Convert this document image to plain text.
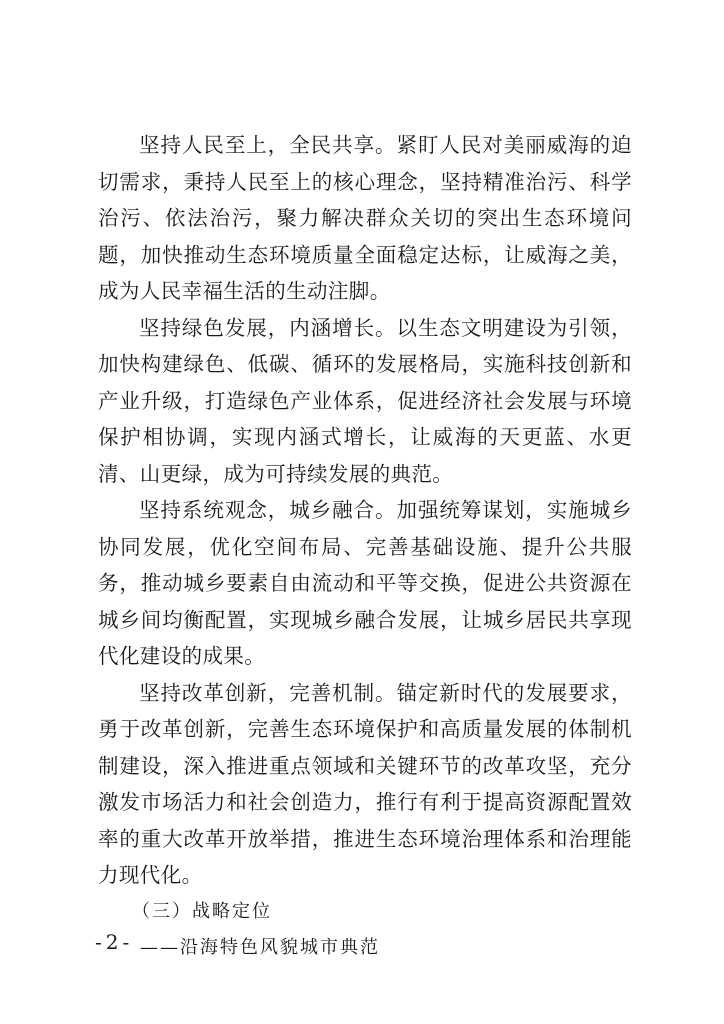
坚持人民至上，全民共享。紧盯人民对美丽威海的迫切需求，秉持人民至上的核心理念，坚持精准治污、科学治污、依法治污，聚力解决群众关切的突出生态环境问题，加快推动生态环境质量全面稳定达标，让威海之美，成为人民幸福生活的生动注脚。

坚持绿色发展，内涵增长。以生态文明建设为引领，加快构建绿色、低碳、循环的发展格局，实施科技创新和产业升级，打造绿色产业体系，促进经济社会发展与环境保护相协调，实现内涵式增长，让威海的天更蓝、水更清、山更绿，成为可持续发展的典范。

坚持系统观念，城乡融合。加强统筹谋划，实施城乡协同发展，优化空间布局、完善基础设施、提升公共服务，推动城乡要素自由流动和平等交换，促进公共资源在城乡间均衡配置，实现城乡融合发展，让城乡居民共享现代化建设的成果。

坚持改革创新，完善机制。锚定新时代的发展要求，勇于改革创新，完善生态环境保护和高质量发展的体制机制建设，深入推进重点领域和关键环节的改革攻坚，充分激发市场活力和社会创造力，推行有利于提高资源配置效率的重大改革开放举措，推进生态环境治理体系和治理能力现代化。

（三）战略定位

——沿海特色风貌城市典范

-2-
